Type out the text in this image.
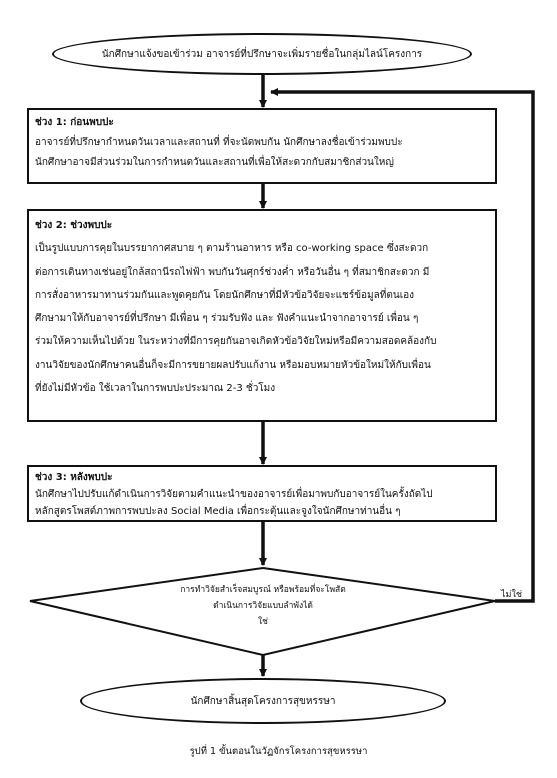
นักศึกษาแจ้งขอเข้าร่วม อาจารย์ที่ปรึกษาจะเพิ่มรายชื่อในกลุ่มไลน์โครงการ
ช่วง 1: ก่อนพบปะ
อาจารย์ที่ปรึกษากำหนดวันเวลาและสถานที่ ที่จะนัดพบกัน นักศึกษาลงชื่อเข้าร่วมพบปะ
นักศึกษาอาจมีส่วนร่วมในการกำหนดวันและสถานที่เพื่อให้สะดวกกับสมาชิกส่วนใหญ่
ช่วง 2: ช่วงพบปะ
เป็นรูปแบบการคุยในบรรยากาศสบาย ๆ ตามร้านอาหาร หรือ co-working space ซึ่งสะดวก
ต่อการเดินทางเช่นอยู่ใกล้สถานีรถไฟฟ้า พบกันวันศุกร์ช่วงค่ำ หรือวันอื่น ๆ ที่สมาชิกสะดวก มี
การสั่งอาหารมาทานร่วมกันและพูดคุยกัน โดยนักศึกษาที่มีหัวข้อวิจัยจะแชร์ข้อมูลที่ตนเอง
ศึกษามาให้กับอาจารย์ที่ปรึกษา มีเพื่อน ๆ ร่วมรับฟัง และ ฟังคำแนะนำจากอาจารย์ เพื่อน ๆ
ร่วมให้ความเห็นไปด้วย ในระหว่างที่มีการคุยกันอาจเกิดหัวข้อวิจัยใหม่หรือมีความสอดคล้องกับ
งานวิจัยของนักศึกษาคนอื่นก็จะมีการขยายผลปรับแก้งาน หรือมอบหมายหัวข้อใหม่ให้กับเพื่อน
ที่ยังไม่มีหัวข้อ ใช้เวลาในการพบปะประมาณ 2-3 ชั่วโมง
ช่วง 3: หลังพบปะ
นักศึกษาไปปรับแก้ดำเนินการวิจัยตามคำแนะนำของอาจารย์เพื่อมาพบกับอาจารย์ในครั้งถัดไป
หลักสูตรโพสต์ภาพการพบปะลง Social Media เพื่อกระตุ้นและจูงใจนักศึกษาท่านอื่น ๆ
การทำวิจัยสำเร็จสมบูรณ์ หรือพร้อมที่จะโพสัต
ดำเนินการวิจัยแบบลำพังได้
ใช่
ไม่ใช่
นักศึกษาสิ้นสุดโครงการสุขหรรษา
รูปที่ 1 ขั้นตอนในวัฏจักรโครงการสุขหรรษา
